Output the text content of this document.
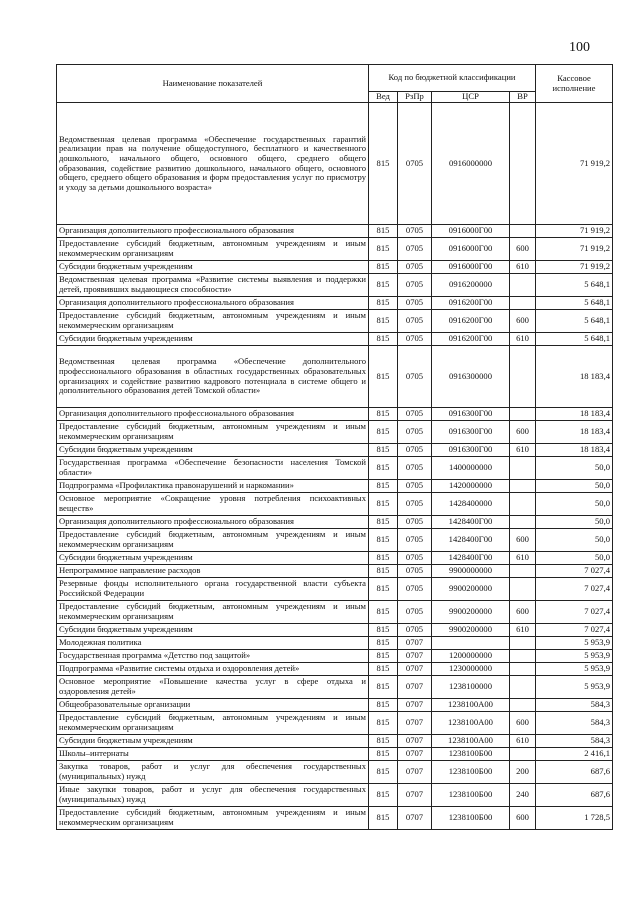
100
Наименование показателей	Код по бюджетной классификации				Кассовое исполнение
	Вед	РзПр	ЦСР	ВР	
Ведомственная целевая программа «Обеспечение государственных гарантий реализации прав на получение общедоступного, бесплатного и качественного дошкольного, начального общего, основного общего, среднего общего образования, содействие развитию дошкольного, начального общего, основного общего, среднего общего образования и форм предоставления услуг по присмотру и уходу за детьми дошкольного возраста»	815	0705	0916000000		71 919,2
Организация дополнительного профессионального образования	815	0705	0916000Г00		71 919,2
Предоставление субсидий бюджетным, автономным учреждениям и иным некоммерческим организациям	815	0705	0916000Г00	600	71 919,2
Субсидии бюджетным учреждениям	815	0705	0916000Г00	610	71 919,2
Ведомственная целевая программа «Развитие системы выявления и поддержки детей, проявивших выдающиеся способности»	815	0705	0916200000		5 648,1
Организация дополнительного профессионального образования	815	0705	0916200Г00		5 648,1
Предоставление субсидий бюджетным, автономным учреждениям и иным некоммерческим организациям	815	0705	0916200Г00	600	5 648,1
Субсидии бюджетным учреждениям	815	0705	0916200Г00	610	5 648,1
Ведомственная целевая программа «Обеспечение дополнительного профессионального образования в областных государственных образовательных организациях и содействие развитию кадрового потенциала в системе общего и дополнительного образования детей Томской области»	815	0705	0916300000		18 183,4
Организация дополнительного профессионального образования	815	0705	0916300Г00		18 183,4
Предоставление субсидий бюджетным, автономным учреждениям и иным некоммерческим организациям	815	0705	0916300Г00	600	18 183,4
Субсидии бюджетным учреждениям	815	0705	0916300Г00	610	18 183,4
Государственная программа «Обеспечение безопасности населения Томской области»	815	0705	1400000000		50,0
Подпрограмма «Профилактика правонарушений и наркомании»	815	0705	1420000000		50,0
Основное мероприятие «Сокращение уровня потребления психоактивных веществ»	815	0705	1428400000		50,0
Организация дополнительного профессионального образования	815	0705	1428400Г00		50,0
Предоставление субсидий бюджетным, автономным учреждениям и иным некоммерческим организациям	815	0705	1428400Г00	600	50,0
Субсидии бюджетным учреждениям	815	0705	1428400Г00	610	50,0
Непрограммное направление расходов	815	0705	9900000000		7 027,4
Резервные фонды исполнительного органа государственной власти субъекта Российской Федерации	815	0705	9900200000		7 027,4
Предоставление субсидий бюджетным, автономным учреждениям и иным некоммерческим организациям	815	0705	9900200000	600	7 027,4
Субсидии бюджетным учреждениям	815	0705	9900200000	610	7 027,4
Молодежная политика	815	0707			5 953,9
Государственная программа «Детство под защитой»	815	0707	1200000000		5 953,9
Подпрограмма «Развитие системы отдыха и оздоровления детей»	815	0707	1230000000		5 953,9
Основное мероприятие «Повышение качества услуг в сфере отдыха и оздоровления детей»	815	0707	1238100000		5 953,9
Общеобразовательные организации	815	0707	1238100А00		584,3
Предоставление субсидий бюджетным, автономным учреждениям и иным некоммерческим организациям	815	0707	1238100А00	600	584,3
Субсидии бюджетным учреждениям	815	0707	1238100А00	610	584,3
Школы–интернаты	815	0707	1238100Б00		2 416,1
Закупка товаров, работ и услуг для обеспечения государственных (муниципальных) нужд	815	0707	1238100Б00	200	687,6
Иные закупки товаров, работ и услуг для обеспечения государственных (муниципальных) нужд	815	0707	1238100Б00	240	687,6
Предоставление субсидий бюджетным, автономным учреждениям и иным некоммерческим организациям	815	0707	1238100Б00	600	1 728,5
